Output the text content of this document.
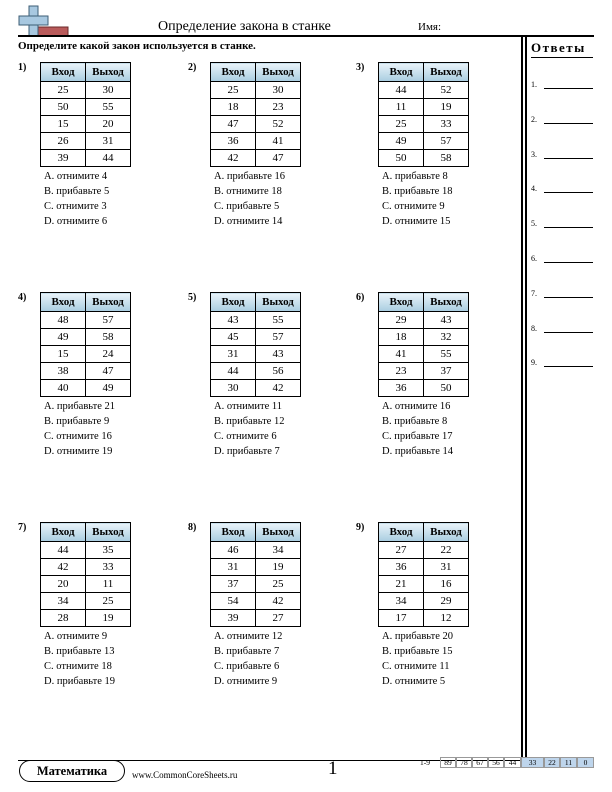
Определение закона в станке	Имя:
Определите какой закон используется в станке.	Ответы
1.
2.
3.
4.
5.
6.
7.
8.
9.
1) Вход	Выход
25	30
50	55
15	20
26	31
39	44
A. отнимите 4
B. прибавьте 5
C. отнимите 3
D. отнимите 6
2) Вход	Выход
25	30
18	23
47	52
36	41
42	47
A. прибавьте 16
B. отнимите 18
C. прибавьте 5
D. отнимите 14
3) Вход	Выход
44	52
11	19
25	33
49	57
50	58
A. прибавьте 8
B. прибавьте 18
C. отнимите 9
D. отнимите 15
4) Вход	Выход
48	57
49	58
15	24
38	47
40	49
A. прибавьте 21
B. прибавьте 9
C. отнимите 16
D. отнимите 19
5) Вход	Выход
43	55
45	57
31	43
44	56
30	42
A. отнимите 11
B. прибавьте 12
C. отнимите 6
D. прибавьте 7
6) Вход	Выход
29	43
18	32
41	55
23	37
36	50
A. отнимите 16
B. прибавьте 8
C. прибавьте 17
D. прибавьте 14
7) Вход	Выход
44	35
42	33
20	11
34	25
28	19
A. отнимите 9
B. прибавьте 13
C. отнимите 18
D. прибавьте 19
8) Вход	Выход
46	34
31	19
37	25
54	42
39	27
A. отнимите 12
B. прибавьте 7
C. прибавьте 6
D. отнимите 9
9) Вход	Выход
27	22
36	31
21	16
34	29
17	12
A. прибавьте 20
B. прибавьте 15
C. отнимите 11
D. отнимите 5
Математика	www.CommonCoreSheets.ru	1	1-9	89	78	67	56	44	33	22	11	0
